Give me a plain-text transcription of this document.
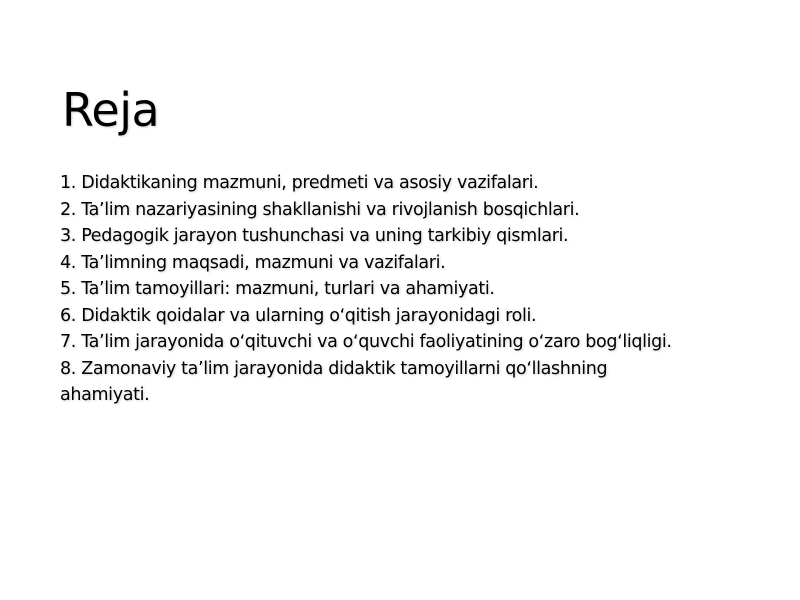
Reja
1. Didaktikaning mazmuni, predmeti va asosiy vazifalari.
2. Ta’lim nazariyasining shakllanishi va rivojlanish bosqichlari.
3. Pedagogik jarayon tushunchasi va uning tarkibiy qismlari.
4. Ta’limning maqsadi, mazmuni va vazifalari.
5. Ta’lim tamoyillari: mazmuni, turlari va ahamiyati.
6. Didaktik qoidalar va ularning oʻqitish jarayonidagi roli.
7. Ta’lim jarayonida oʻqituvchi va oʻquvchi faoliyatining oʻzaro bogʻliqligi.
8. Zamonaviy ta’lim jarayonida didaktik tamoyillarni qoʻllashning ahamiyati.
